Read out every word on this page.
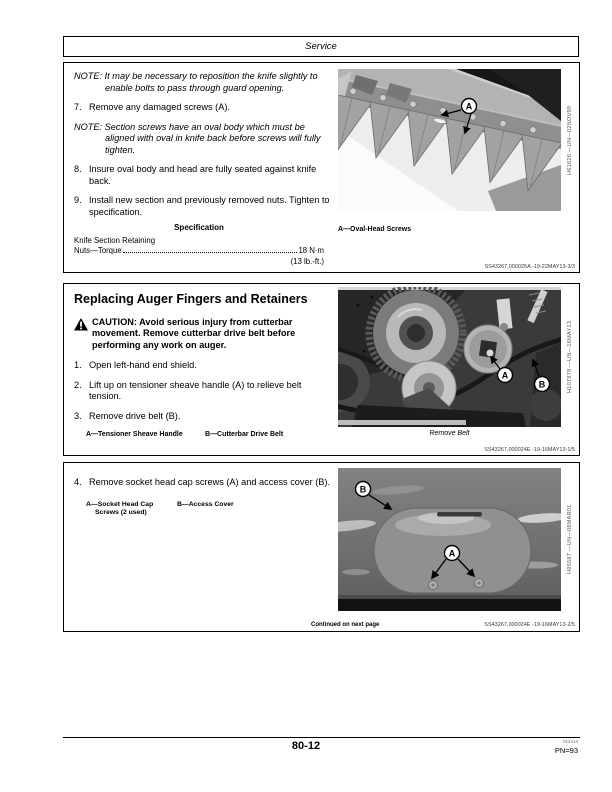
Service

NOTE: It may be necessary to reposition the knife slightly to enable bolts to pass through guard opening.

7. Remove any damaged screws (A).

NOTE: Section screws have an oval body which must be aligned with oval in knife back before screws will fully tighten.

8. Insure oval body and head are fully seated against knife back.
9. Install new section and previously removed nuts. Tighten to specification.
Specification
Knife Section Retaining
Nuts—Torque	18 N·m
(13 lb.-ft.)
A
A—Oval-Head Screws
H61626 —UN—02NOV99
SS43267,000025A -19-22MAY13-3/3
Replacing Auger Fingers and Retainers
CAUTION: Avoid serious injury from cutterbar movement. Remove cutterbar drive belt before performing any work on auger.
1. Open left-hand end shield.
2. Lift up on tensioner sheave handle (A) to relieve belt tension.
3. Remove drive belt (B).
A—Tensioner Sheave Handle	B—Cutterbar Drive Belt
A
B
Remove Belt
H107878 —UN—16MAY13
SS43267,000024E -19-16MAY13-1/5
4. Remove socket head cap screws (A) and access cover (B).
A—Socket Head Cap Screws (2 used)
B—Access Cover
B
A	H95587 —UN—08MAR01
Continued on next page	SS43267,000024E -19-16MAY13-2/5
80-12	012414
PN=93
